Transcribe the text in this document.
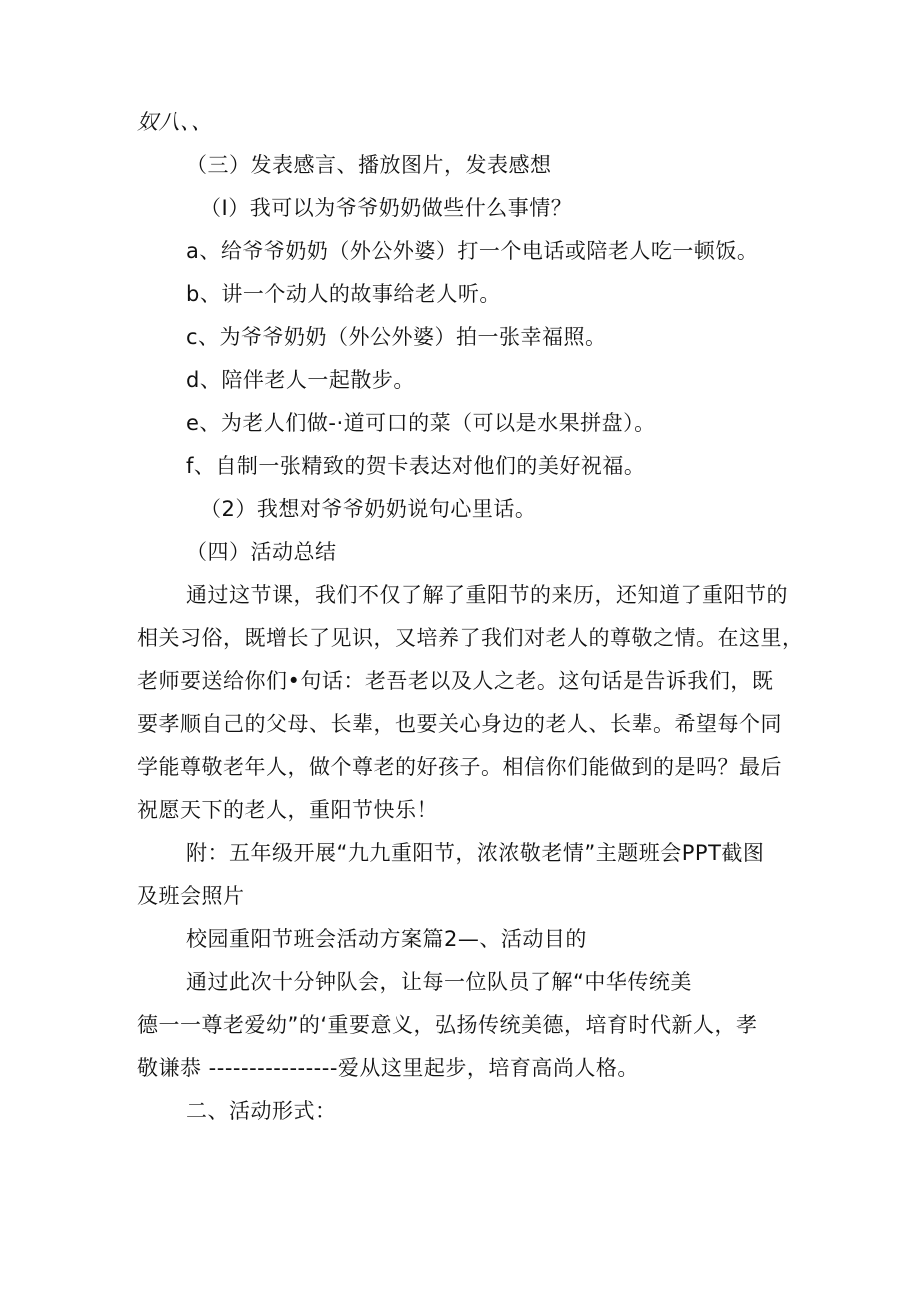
奴八、、

（三）发表感言、播放图片，发表感想

（I）我可以为爷爷奶奶做些什么事情？

a、给爷爷奶奶（外公外婆）打一个电话或陪老人吃一顿饭。

b、讲一个动人的故事给老人听。

c、为爷爷奶奶（外公外婆）拍一张幸福照。

d、陪伴老人一起散步。

e、为老人们做-·道可口的菜（可以是水果拼盘）。

f、自制一张精致的贺卡表达对他们的美好祝福。

（2）我想对爷爷奶奶说句心里话。

（四）活动总结

通过这节课，我们不仅了解了重阳节的来历，还知道了重阳节的

相关习俗，既增长了见识，又培养了我们对老人的尊敬之情。在这里，

老师要送给你们•句话：老吾老以及人之老。这句话是告诉我们，既

要孝顺自己的父母、长辈，也要关心身边的老人、长辈。希望每个同

学能尊敬老年人，做个尊老的好孩子。相信你们能做到的是吗？最后

祝愿天下的老人，重阳节快乐！

附：五年级开展“九九重阳节，浓浓敬老情”主题班会PPT截图

及班会照片

校园重阳节班会活动方案篇2—、活动目的

通过此次十分钟队会，让每一位队员了解“中华传统美

德一一尊老爱幼”的‘重要意义，弘扬传统美德，培育时代新人，孝

敬谦恭 ----------------爱从这里起步，培育高尚人格。

二、活动形式：
